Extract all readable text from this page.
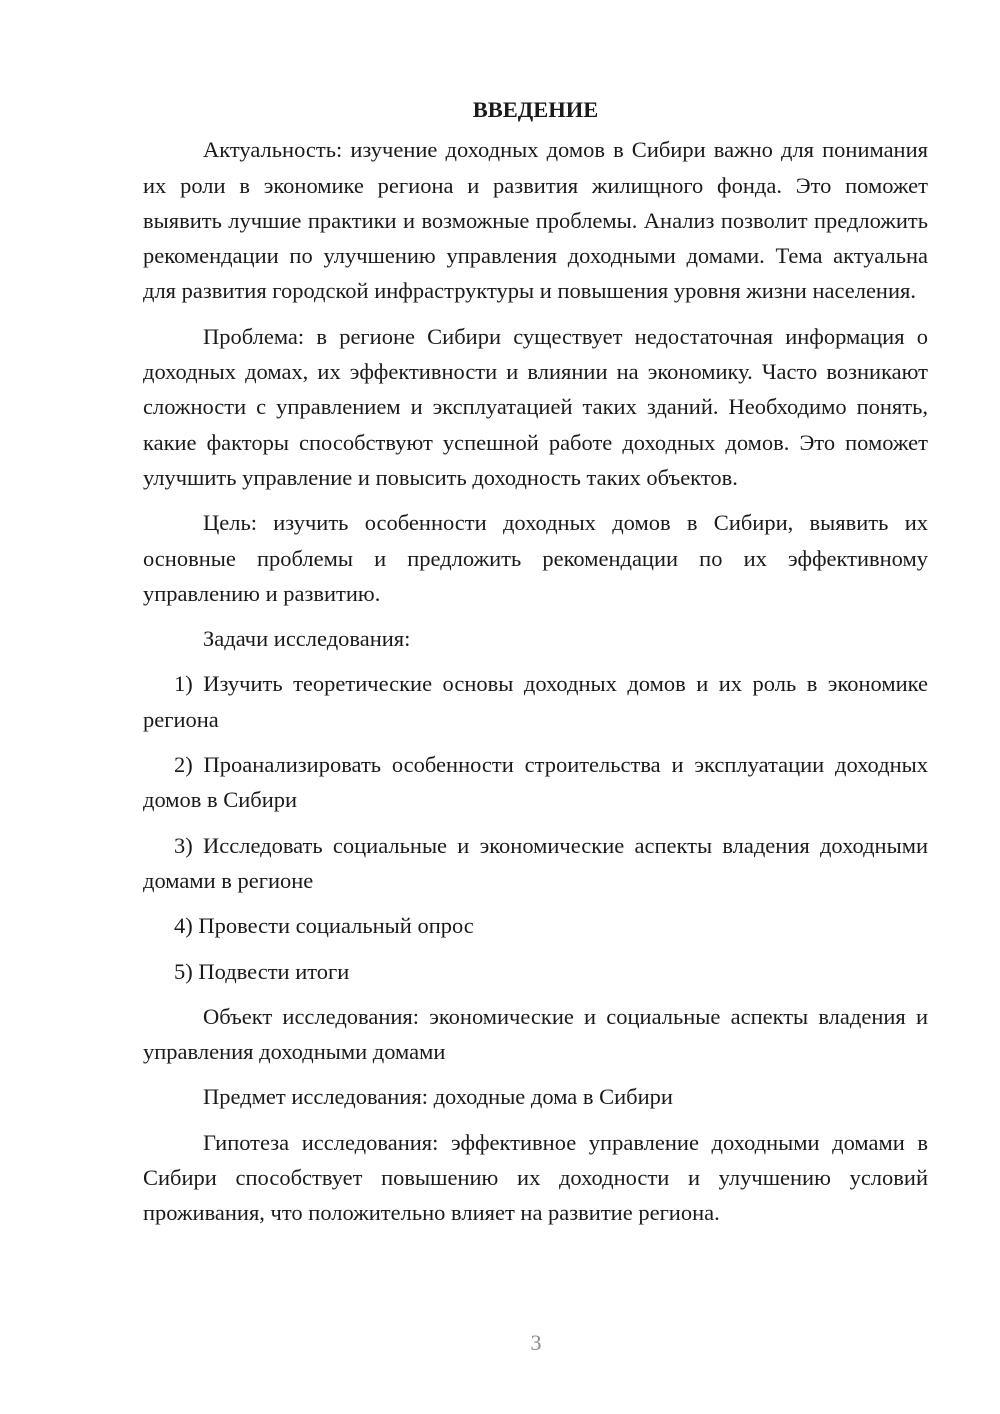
ВВЕДЕНИЕ

Актуальность: изучение доходных домов в Сибири важно для понимания их роли в экономике региона и развития жилищного фонда. Это поможет выявить лучшие практики и возможные проблемы. Анализ позволит предложить рекомендации по улучшению управления доходными домами. Тема актуальна для развития городской инфраструктуры и повышения уровня жизни населения.

Проблема: в регионе Сибири существует недостаточная информация о доходных домах, их эффективности и влиянии на экономику. Часто возникают сложности с управлением и эксплуатацией таких зданий. Необходимо понять, какие факторы способствуют успешной работе доходных домов. Это поможет улучшить управление и повысить доходность таких объектов.

Цель: изучить особенности доходных домов в Сибири, выявить их основные проблемы и предложить рекомендации по их эффективному управлению и развитию.

Задачи исследования:

1) Изучить теоретические основы доходных домов и их роль в экономике региона

2) Проанализировать особенности строительства и эксплуатации доходных домов в Сибири

3) Исследовать социальные и экономические аспекты владения доходными домами в регионе

4) Провести социальный опрос

5) Подвести итоги

Объект исследования: экономические и социальные аспекты владения и управления доходными домами

Предмет исследования: доходные дома в Сибири

Гипотеза исследования: эффективное управление доходными домами в Сибири способствует повышению их доходности и улучшению условий проживания, что положительно влияет на развитие региона.

3
